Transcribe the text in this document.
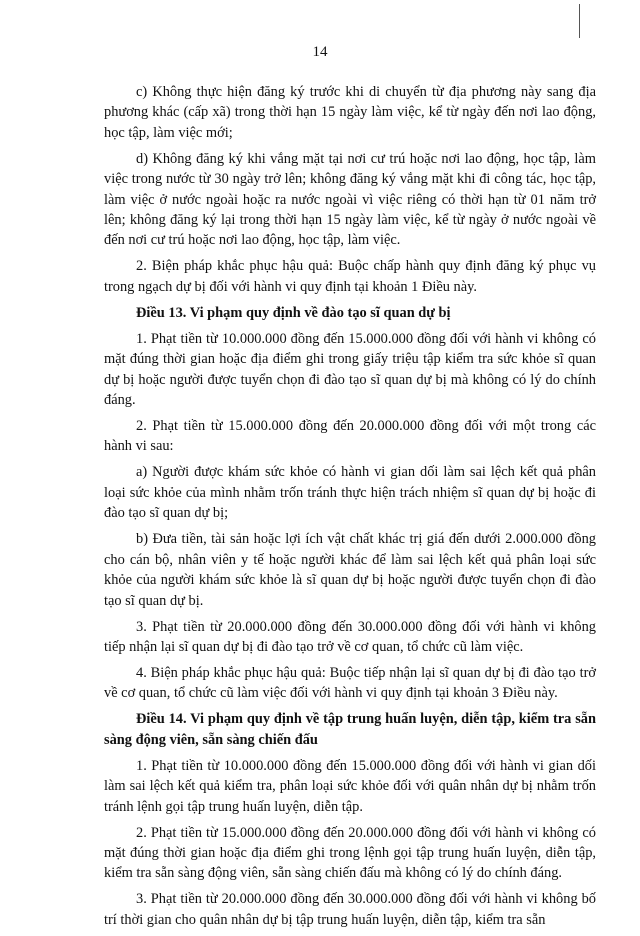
14

c) Không thực hiện đăng ký trước khi di chuyển từ địa phương này sang địa phương khác (cấp xã) trong thời hạn 15 ngày làm việc, kể từ ngày đến nơi lao động, học tập, làm việc mới;

d) Không đăng ký khi vắng mặt tại nơi cư trú hoặc nơi lao động, học tập, làm việc trong nước từ 30 ngày trở lên; không đăng ký vắng mặt khi đi công tác, học tập, làm việc ở nước ngoài hoặc ra nước ngoài vì việc riêng có thời hạn từ 01 năm trở lên; không đăng ký lại trong thời hạn 15 ngày làm việc, kể từ ngày ở nước ngoài về đến nơi cư trú hoặc nơi lao động, học tập, làm việc.

2. Biện pháp khắc phục hậu quả: Buộc chấp hành quy định đăng ký phục vụ trong ngạch dự bị đối với hành vi quy định tại khoản 1 Điều này.

Điều 13. Vi phạm quy định về đào tạo sĩ quan dự bị

1. Phạt tiền từ 10.000.000 đồng đến 15.000.000 đồng đối với hành vi không có mặt đúng thời gian hoặc địa điểm ghi trong giấy triệu tập kiểm tra sức khỏe sĩ quan dự bị hoặc người được tuyển chọn đi đào tạo sĩ quan dự bị mà không có lý do chính đáng.

2. Phạt tiền từ 15.000.000 đồng đến 20.000.000 đồng đối với một trong các hành vi sau:

a) Người được khám sức khỏe có hành vi gian dối làm sai lệch kết quả phân loại sức khỏe của mình nhằm trốn tránh thực hiện trách nhiệm sĩ quan dự bị hoặc đi đào tạo sĩ quan dự bị;

b) Đưa tiền, tài sản hoặc lợi ích vật chất khác trị giá đến dưới 2.000.000 đồng cho cán bộ, nhân viên y tế hoặc người khác để làm sai lệch kết quả phân loại sức khỏe của người khám sức khỏe là sĩ quan dự bị hoặc người được tuyển chọn đi đào tạo sĩ quan dự bị.

3. Phạt tiền từ 20.000.000 đồng đến 30.000.000 đồng đối với hành vi không tiếp nhận lại sĩ quan dự bị đi đào tạo trở về cơ quan, tổ chức cũ làm việc.

4. Biện pháp khắc phục hậu quả: Buộc tiếp nhận lại sĩ quan dự bị đi đào tạo trở về cơ quan, tổ chức cũ làm việc đối với hành vi quy định tại khoản 3 Điều này.

Điều 14. Vi phạm quy định về tập trung huấn luyện, diễn tập, kiểm tra sẵn sàng động viên, sẵn sàng chiến đấu

1. Phạt tiền từ 10.000.000 đồng đến 15.000.000 đồng đối với hành vi gian dối làm sai lệch kết quả kiểm tra, phân loại sức khỏe đối với quân nhân dự bị nhằm trốn tránh lệnh gọi tập trung huấn luyện, diễn tập.

2. Phạt tiền từ 15.000.000 đồng đến 20.000.000 đồng đối với hành vi không có mặt đúng thời gian hoặc địa điểm ghi trong lệnh gọi tập trung huấn luyện, diễn tập, kiểm tra sẵn sàng động viên, sẵn sàng chiến đấu mà không có lý do chính đáng.

3. Phạt tiền từ 20.000.000 đồng đến 30.000.000 đồng đối với hành vi không bố trí thời gian cho quân nhân dự bị tập trung huấn luyện, diễn tập, kiểm tra sẵn
